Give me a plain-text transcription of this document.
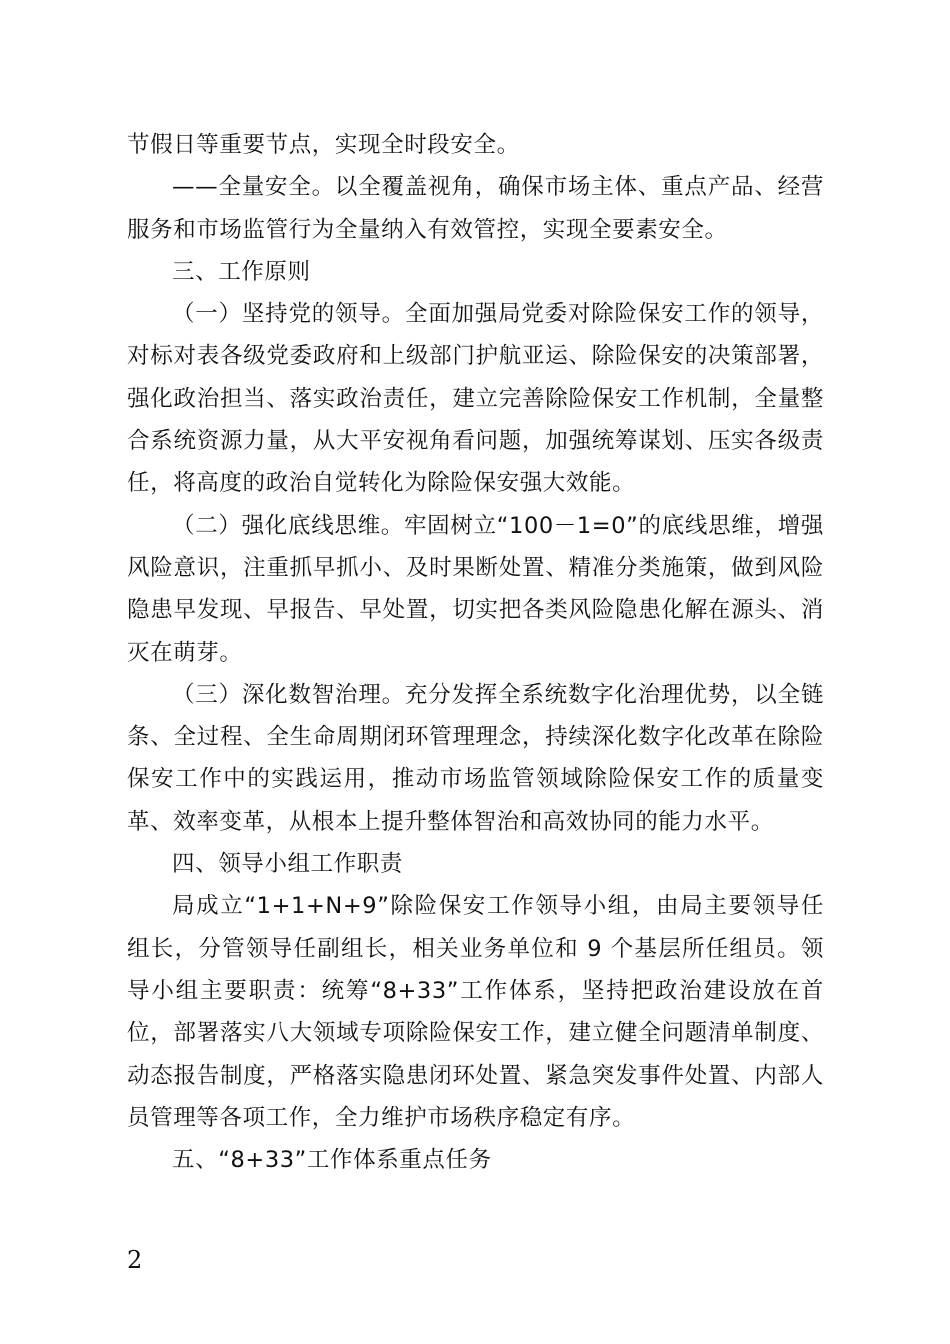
节假日等重要节点，实现全时段安全。

——全量安全。以全覆盖视角，确保市场主体、重点产品、经营服务和市场监管行为全量纳入有效管控，实现全要素安全。

三、工作原则

（一）坚持党的领导。全面加强局党委对除险保安工作的领导，对标对表各级党委政府和上级部门护航亚运、除险保安的决策部署，强化政治担当、落实政治责任，建立完善除险保安工作机制，全量整合系统资源力量，从大平安视角看问题，加强统筹谋划、压实各级责任，将高度的政治自觉转化为除险保安强大效能。

（二）强化底线思维。牢固树立“100－1=0”的底线思维，增强风险意识，注重抓早抓小、及时果断处置、精准分类施策，做到风险隐患早发现、早报告、早处置，切实把各类风险隐患化解在源头、消灭在萌芽。

（三）深化数智治理。充分发挥全系统数字化治理优势，以全链条、全过程、全生命周期闭环管理理念，持续深化数字化改革在除险保安工作中的实践运用，推动市场监管领域除险保安工作的质量变革、效率变革，从根本上提升整体智治和高效协同的能力水平。

四、领导小组工作职责

局成立“1+1+N+9”除险保安工作领导小组，由局主要领导任组长，分管领导任副组长，相关业务单位和 9 个基层所任组员。领导小组主要职责：统筹“8+33”工作体系，坚持把政治建设放在首位，部署落实八大领域专项除险保安工作，建立健全问题清单制度、动态报告制度，严格落实隐患闭环处置、紧急突发事件处置、内部人员管理等各项工作，全力维护市场秩序稳定有序。

五、“8+33”工作体系重点任务

2
